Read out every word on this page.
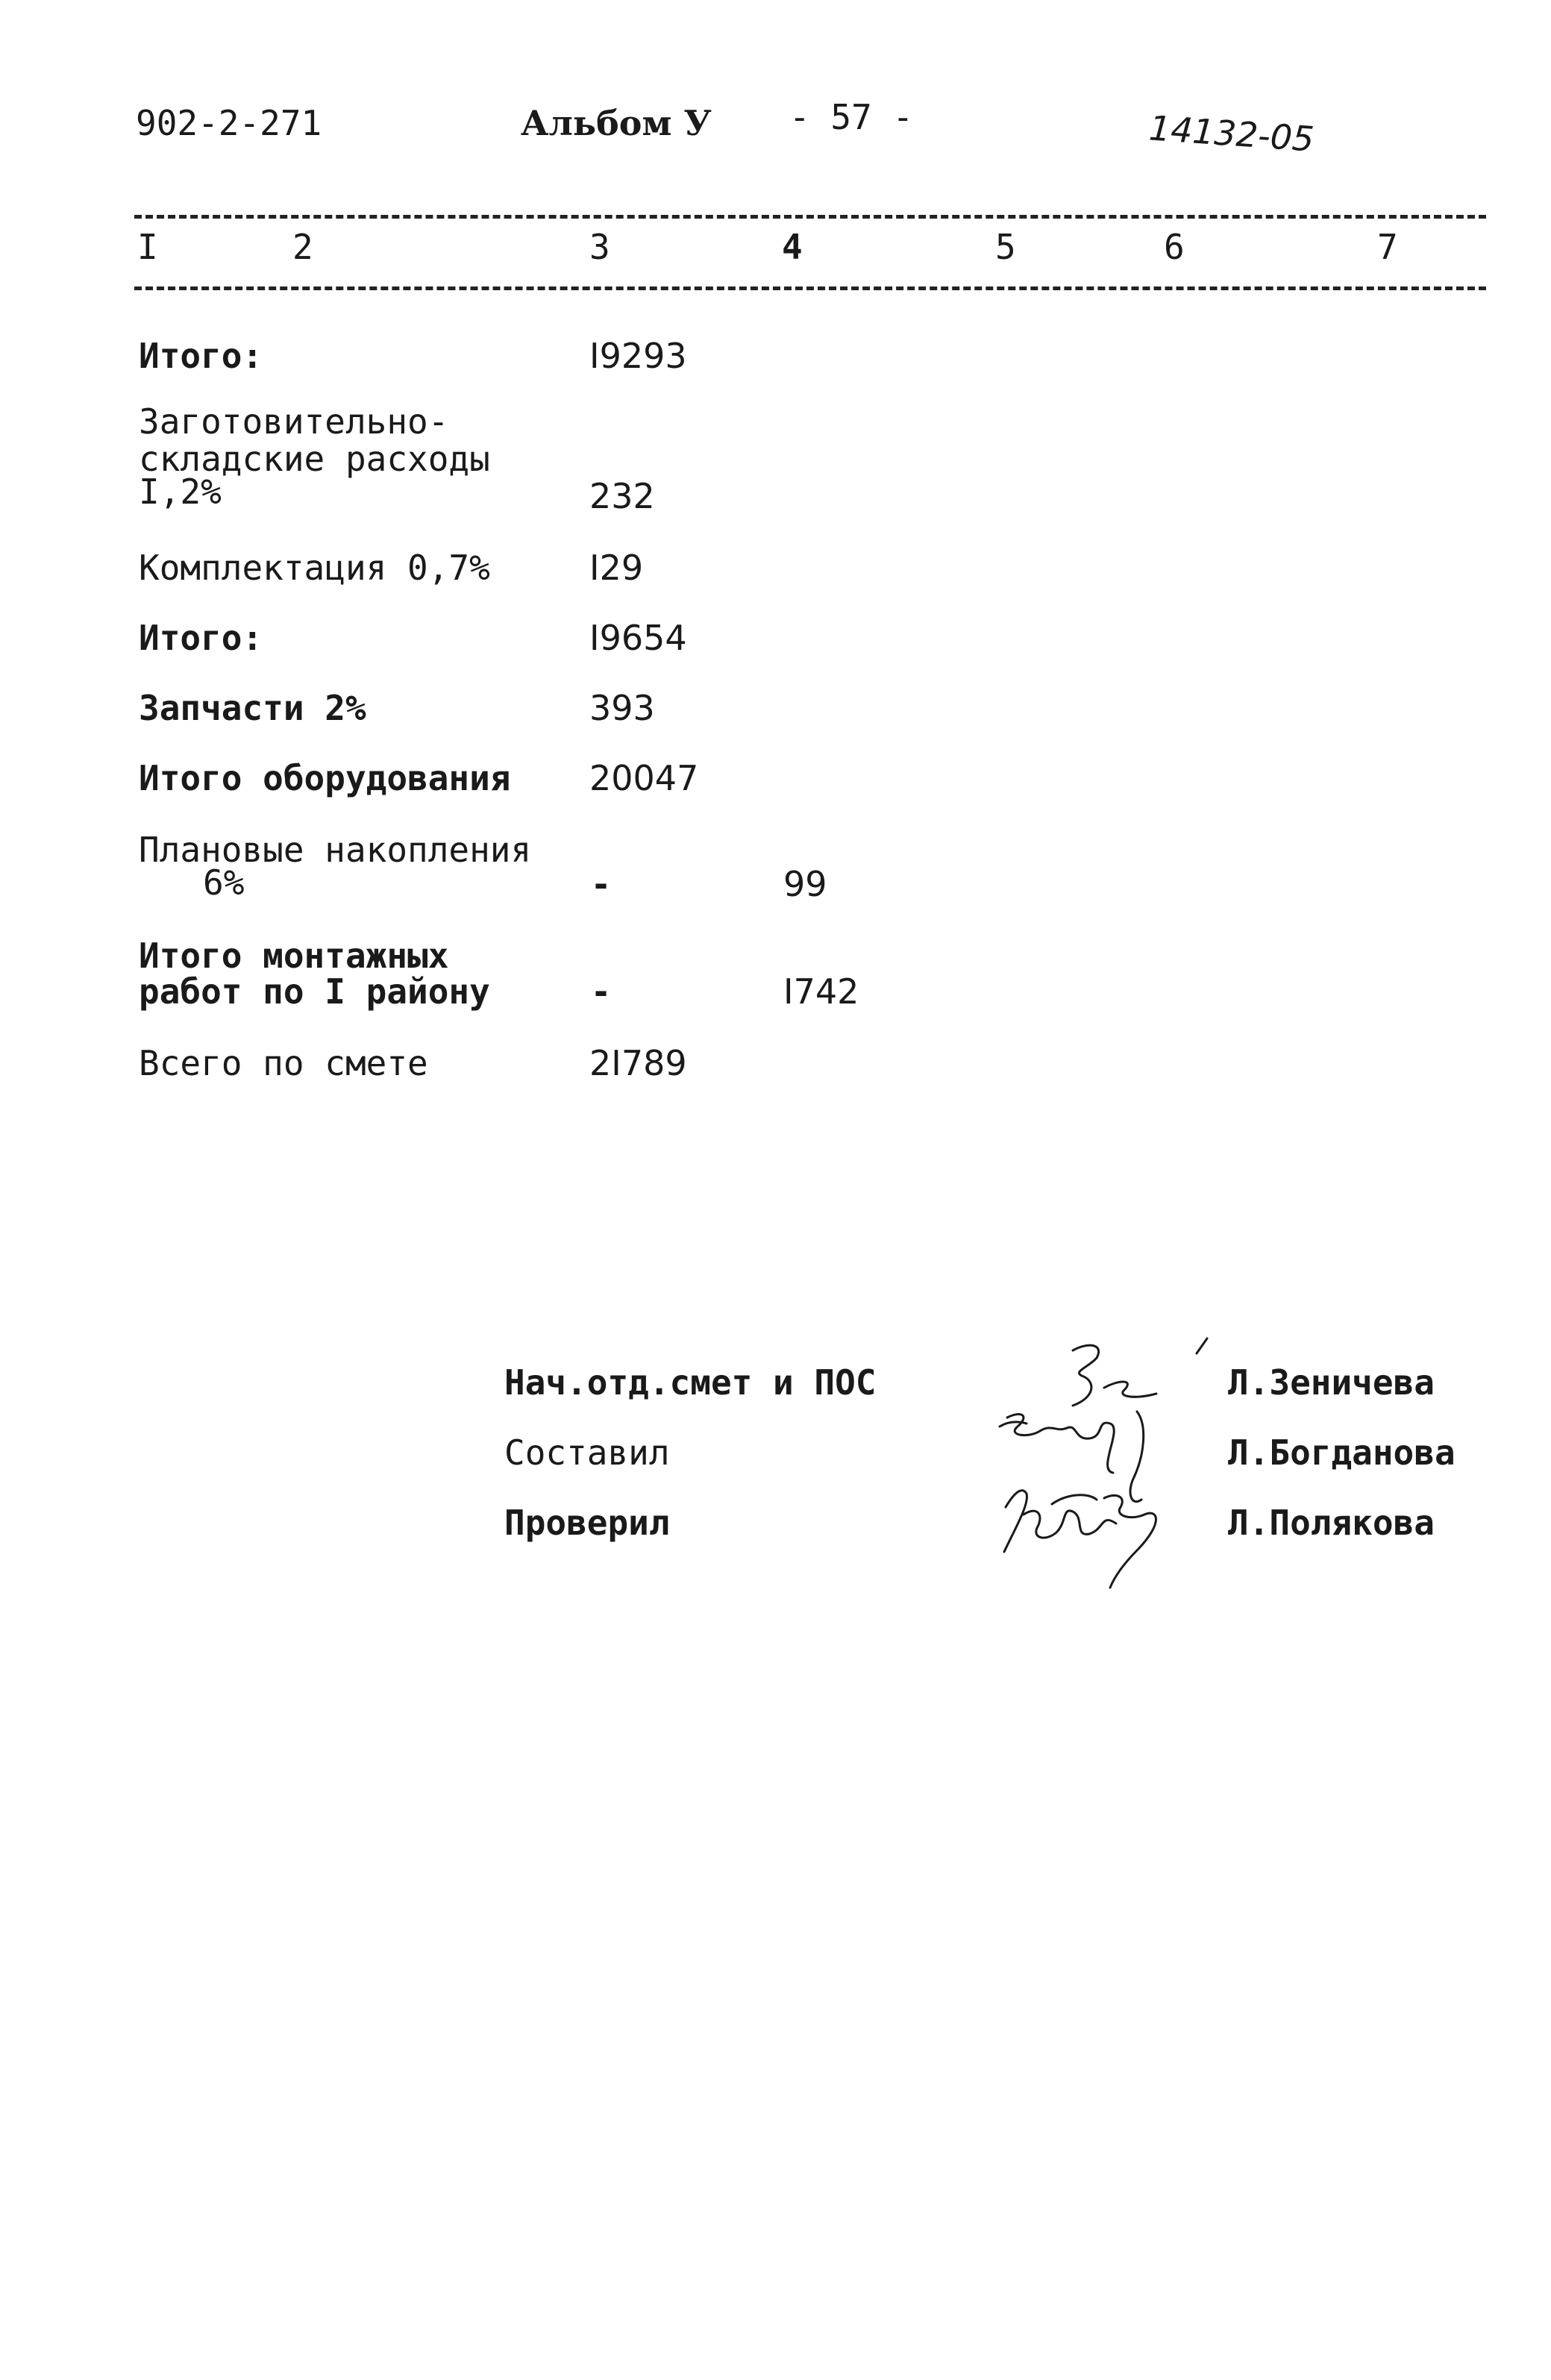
902-2-271	Альбом У - 57 -	14132-05
I	2	3	4	5	6	7
Итого:	I9293
Заготовительно-
складские расходы
I,2%	232
Комплектация 0,7%	I29
Итого:	I9654
Запчасти 2%	393
Итого оборудования 20047
Плановые накопления
6%	-	99
Итого монтажных
работ по I району	-	I742
Всего по смете	2I789
Нач.отд.смет и ПОС
Составил
Проверил
Л.Зеничева
Л.Богданова
Л.Полякова
